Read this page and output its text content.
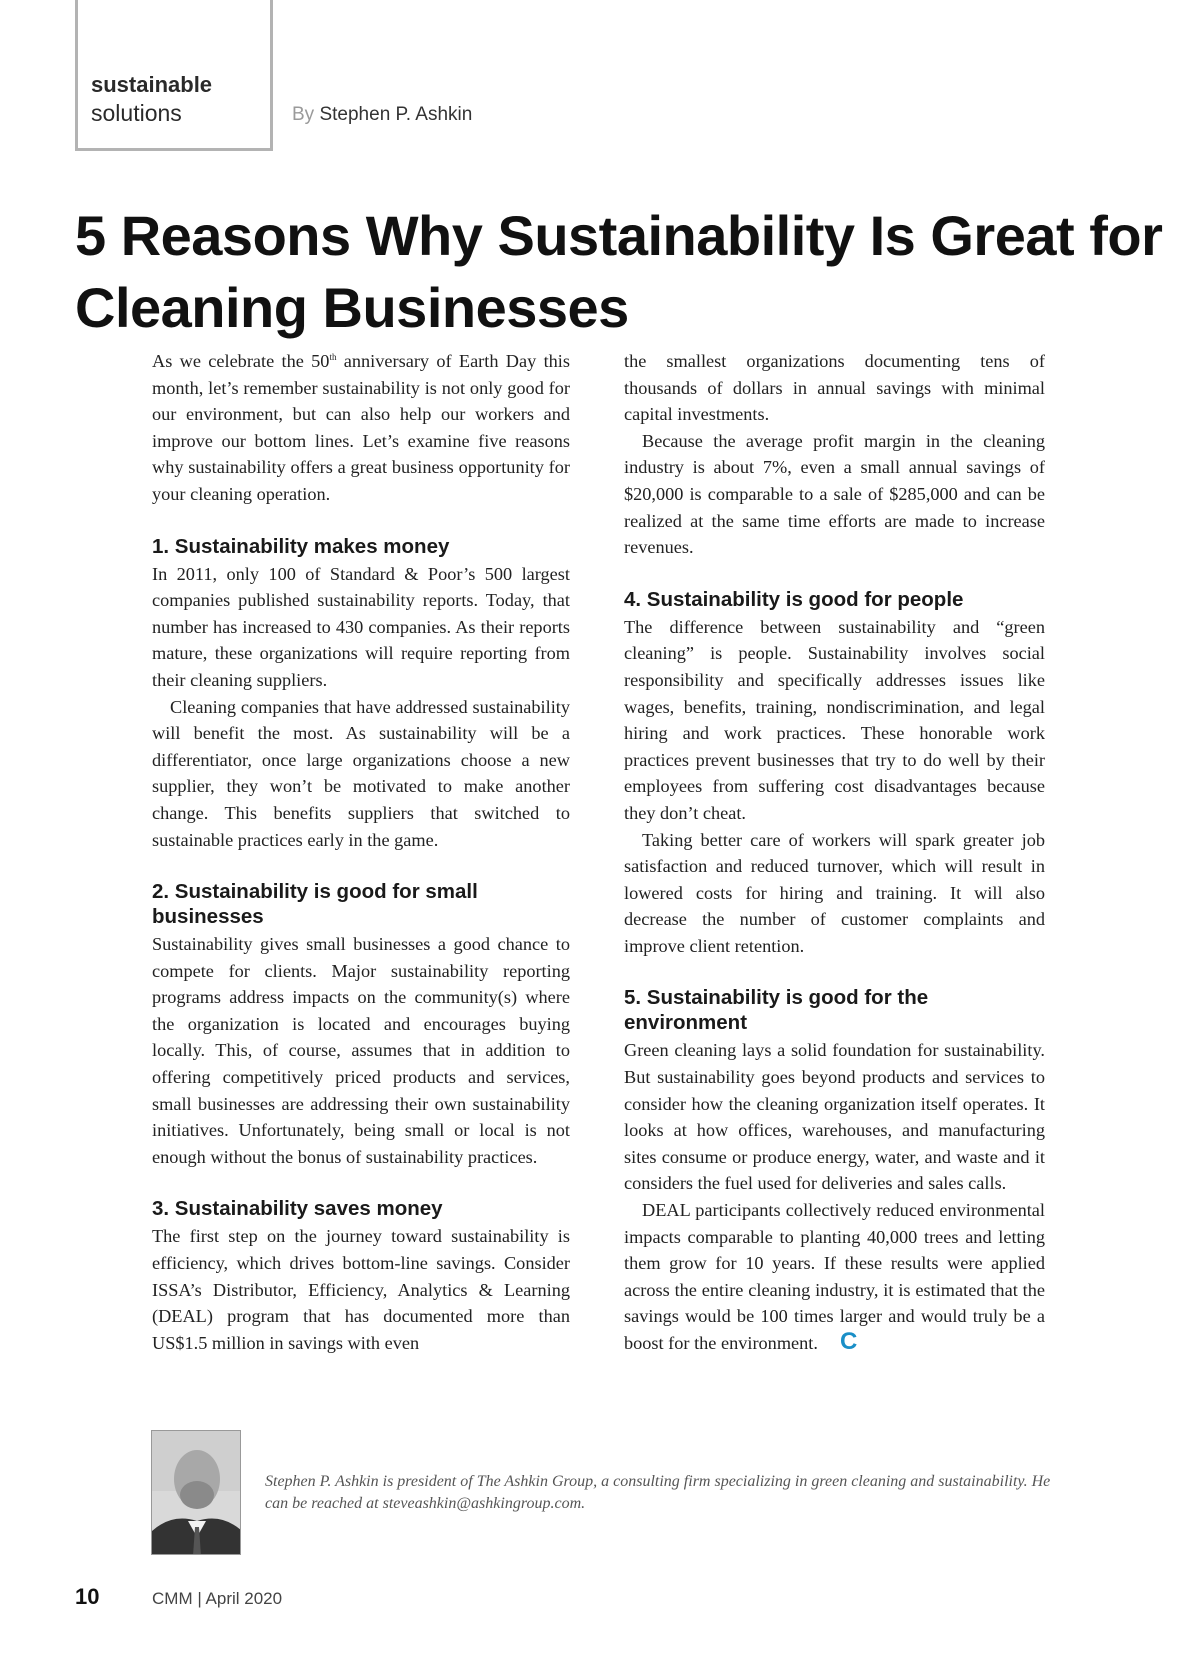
sustainable
solutions	By Stephen P. Ashkin
5 Reasons Why Sustainability Is Great for Cleaning Businesses

As we celebrate the 50th anniversary of Earth Day this month, let’s remember sustainability is not only good for our environment, but can also help our workers and improve our bottom lines. Let’s examine five reasons why sustainability offers a great business opportunity for your cleaning operation.

1. Sustainability makes money

In 2011, only 100 of Standard & Poor’s 500 largest companies published sustainability reports. Today, that number has increased to 430 companies. As their reports mature, these organizations will require reporting from their cleaning suppliers.

Cleaning companies that have addressed sustainability will benefit the most. As sustainability will be a differentiator, once large organizations choose a new supplier, they won’t be motivated to make another change. This benefits suppliers that switched to sustainable practices early in the game.

2. Sustainability is good for small businesses

Sustainability gives small businesses a good chance to compete for clients. Major sustainability reporting programs address impacts on the community(s) where the organization is located and encourages buying locally. This, of course, assumes that in addition to offering competitively priced products and services, small businesses are addressing their own sustainability initiatives. Unfortunately, being small or local is not enough without the bonus of sustainability practices.

3. Sustainability saves money

The first step on the journey toward sustainability is efficiency, which drives bottom-line savings. Consider ISSA’s Distributor, Efficiency, Analytics & Learning (DEAL) program that has documented more than US$1.5 million in savings with even

the smallest organizations documenting tens of thousands of dollars in annual savings with minimal capital investments.

Because the average profit margin in the cleaning industry is about 7%, even a small annual savings of $20,000 is comparable to a sale of $285,000 and can be realized at the same time efforts are made to increase revenues.

4. Sustainability is good for people

The difference between sustainability and “green cleaning” is people. Sustainability involves social responsibility and specifically addresses issues like wages, benefits, training, nondiscrimination, and legal hiring and work practices. These honorable work practices prevent businesses that try to do well by their employees from suffering cost disadvantages because they don’t cheat.

Taking better care of workers will spark greater job satisfaction and reduced turnover, which will result in lowered costs for hiring and training. It will also decrease the number of customer complaints and improve client retention.

5. Sustainability is good for the environment

Green cleaning lays a solid foundation for sustainability. But sustainability goes beyond products and services to consider how the cleaning organization itself operates. It looks at how offices, warehouses, and manufacturing sites consume or produce energy, water, and waste and it considers the fuel used for deliveries and sales calls.

DEAL participants collectively reduced environmental impacts comparable to planting 40,000 trees and letting them grow for 10 years. If these results were applied across the entire cleaning industry, it is estimated that the savings would be 100 times larger and would truly be a boost for the environment. C

Stephen P. Ashkin is president of The Ashkin Group, a consulting firm specializing in green cleaning and sustainability. He can be reached at steveashkin@ashkingroup.com.
10	CMM | April 2020
